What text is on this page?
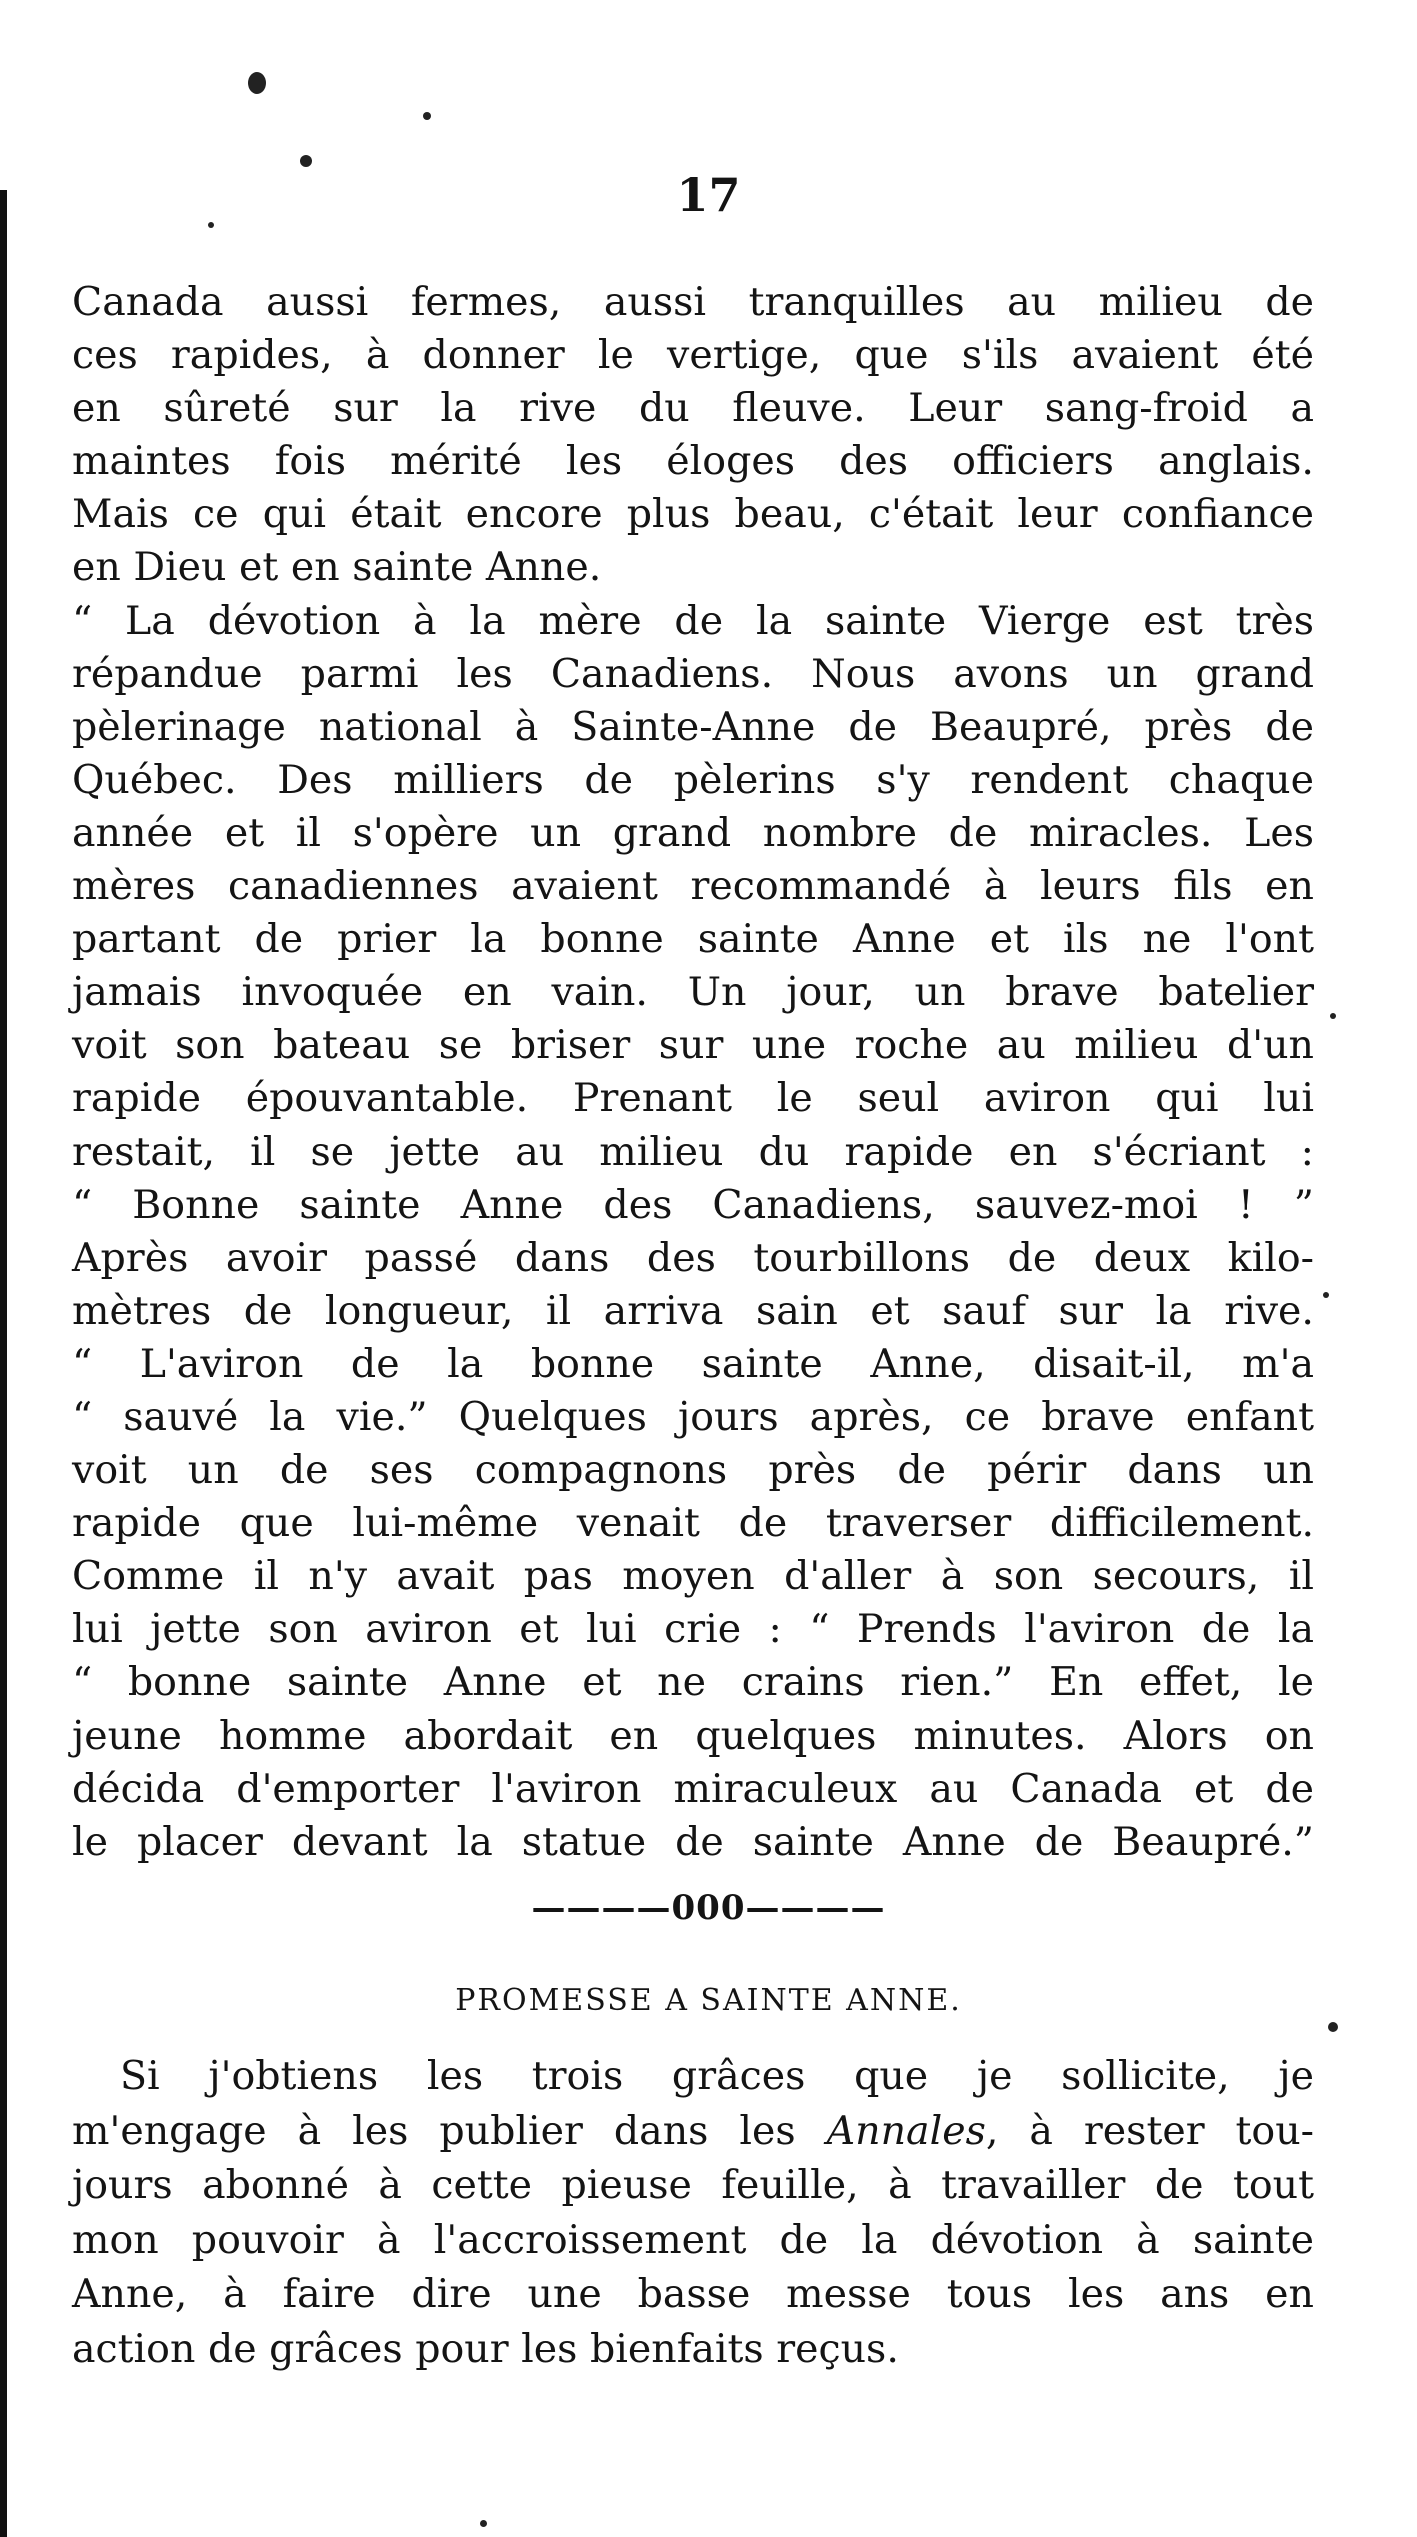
17
Canada aussi fermes, aussi tranquilles au milieu de
ces rapides, à donner le vertige, que s'ils avaient été
en sûreté sur la rive du fleuve. Leur sang-froid a
maintes fois mérité les éloges des officiers anglais.
Mais ce qui était encore plus beau, c'était leur confiance
en Dieu et en sainte Anne.
“ La dévotion à la mère de la sainte Vierge est très
répandue parmi les Canadiens. Nous avons un grand
pèlerinage national à Sainte-Anne de Beaupré, près de
Québec. Des milliers de pèlerins s'y rendent chaque
année et il s'opère un grand nombre de miracles. Les
mères canadiennes avaient recommandé à leurs fils en
partant de prier la bonne sainte Anne et ils ne l'ont
jamais invoquée en vain. Un jour, un brave batelier
voit son bateau se briser sur une roche au milieu d'un
rapide épouvantable. Prenant le seul aviron qui lui
restait, il se jette au milieu du rapide en s'écriant :
“ Bonne sainte Anne des Canadiens, sauvez-moi ! ”
Après avoir passé dans des tourbillons de deux kilo-
mètres de longueur, il arriva sain et sauf sur la rive.
“ L'aviron de la bonne sainte Anne, disait-il, m'a
“ sauvé la vie.” Quelques jours après, ce brave enfant
voit un de ses compagnons près de périr dans un
rapide que lui-même venait de traverser difficilement.
Comme il n'y avait pas moyen d'aller à son secours, il
lui jette son aviron et lui crie : “ Prends l'aviron de la
“ bonne sainte Anne et ne crains rien.” En effet, le
jeune homme abordait en quelques minutes. Alors on
décida d'emporter l'aviron miraculeux au Canada et de
le placer devant la statue de sainte Anne de Beaupré.”
————000————
PROMESSE A SAINTE ANNE.
Si j'obtiens les trois grâces que je sollicite, je
m'engage à les publier dans les Annales, à rester tou-
jours abonné à cette pieuse feuille, à travailler de tout
mon pouvoir à l'accroissement de la dévotion à sainte
Anne, à faire dire une basse messe tous les ans en
action de grâces pour les bienfaits reçus.
